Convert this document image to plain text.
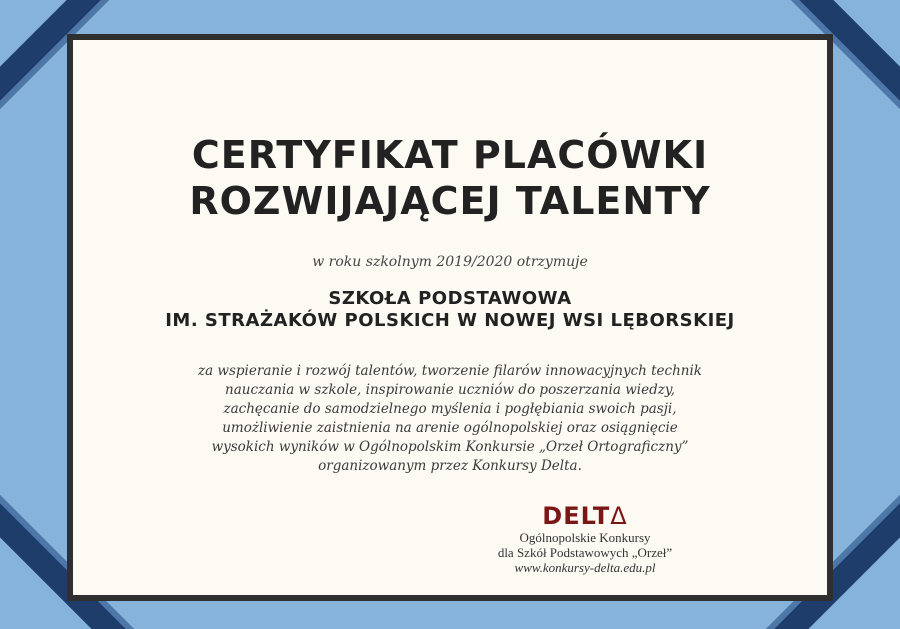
CERTYFIKAT PLACÓWKI
ROZWIJAJĄCEJ TALENTY
w roku szkolnym 2019/2020 otrzymuje
SZKOŁA PODSTAWOWA
IM. STRAŻAKÓW POLSKICH W NOWEJ WSI LĘBORSKIEJ
za wspieranie i rozwój talentów, tworzenie filarów innowacyjnych technik
nauczania w szkole, inspirowanie uczniów do poszerzania wiedzy,
zachęcanie do samodzielnego myślenia i pogłębiania swoich pasji,
umożliwienie zaistnienia na arenie ogólnopolskiej oraz osiągnięcie
wysokich wyników w Ogólnopolskim Konkursie „Orzeł Ortograficzny”
organizowanym przez Konkursy Delta.
DELTΔ
Ogólnopolskie Konkursy
dla Szkół Podstawowych „Orzeł”
www.konkursy-delta.edu.pl
